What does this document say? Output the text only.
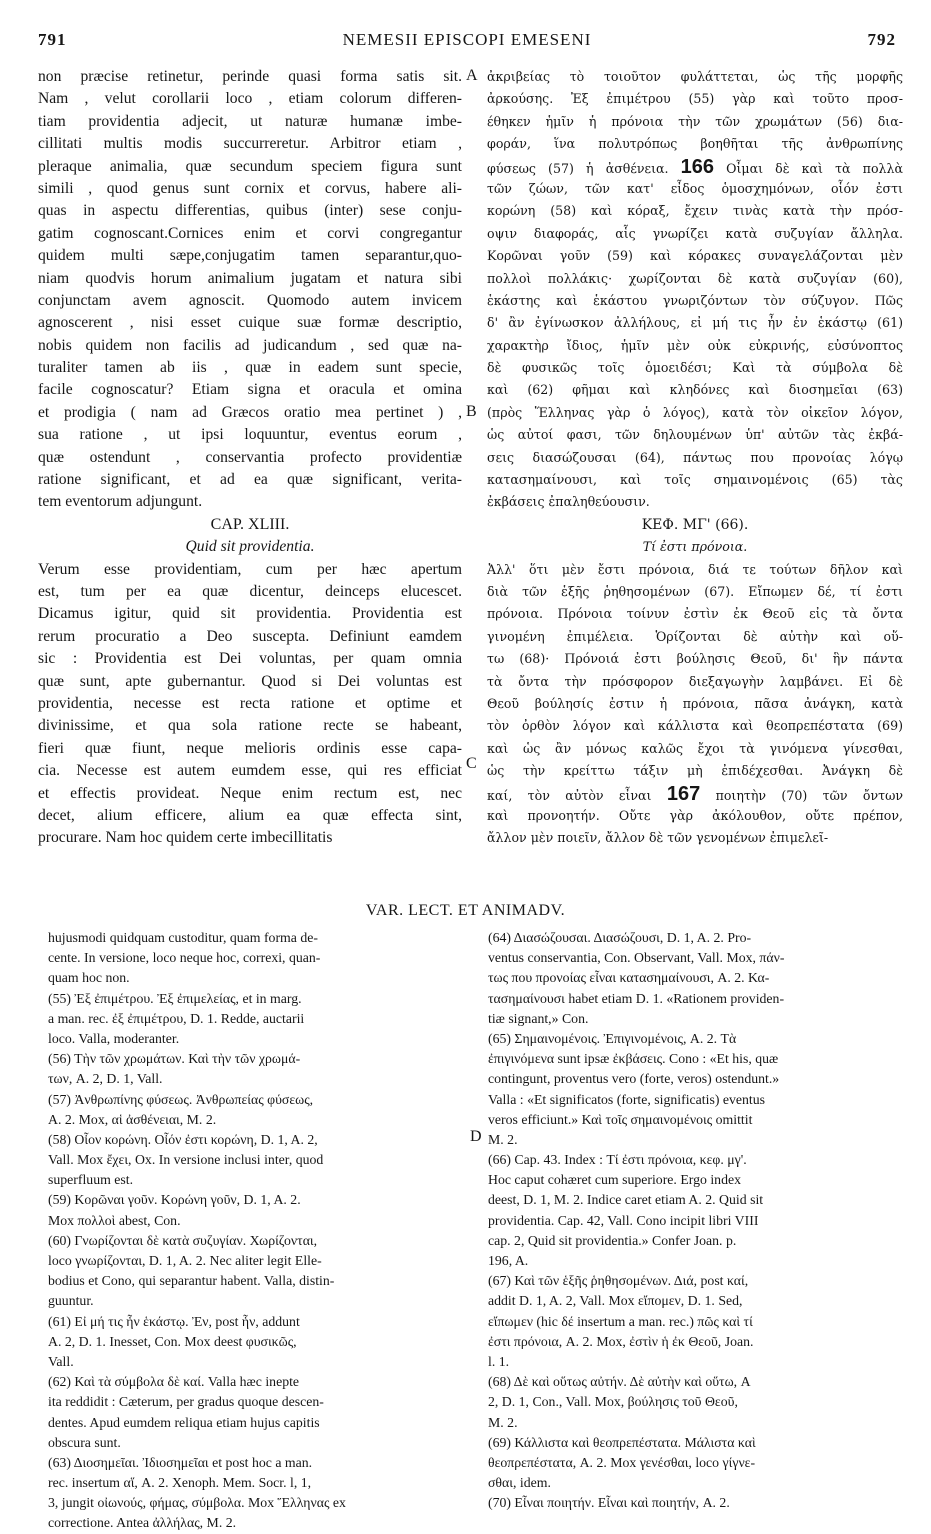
791	NEMESII EPISCOPI EMESENI	792
non præcise retinetur, perinde quasi forma satis sit.
Nam , velut corollarii loco , etiam colorum differen-
tiam providentia adjecit, ut naturæ humanæ imbe-
cillitati multis modis succurreretur. Arbitror etiam ,
pleraque animalia, quæ secundum speciem figura sunt
simili , quod genus sunt cornix et corvus, habere ali-
quas in aspectu differentias, quibus (inter) sese conju-
gatim cognoscant.Cornices enim et corvi congregantur
quidem multi sæpe,conjugatim tamen separantur,quo-
niam quodvis horum animalium jugatam et natura sibi
conjunctam avem agnoscit. Quomodo autem invicem
agnoscerent , nisi esset cuique suæ formæ descriptio,
nobis quidem non facilis ad judicandum , sed quæ na-
turaliter tamen ab iis , quæ in eadem sunt specie,
facile cognoscatur? Etiam signa et oracula et omina
et prodigia ( nam ad Græcos oratio mea pertinet ) ,
sua ratione , ut ipsi loquuntur, eventus eorum ,
quæ ostendunt , conservantia profecto providentiæ
ratione significant, et ad ea quæ significant, verita-
tem eventorum adjungunt.
CAP. XLIII.
Quid sit providentia.
Verum esse providentiam, cum per hæc apertum
est, tum per ea quæ dicentur, deinceps elucescet.
Dicamus igitur, quid sit providentia. Providentia est
rerum procuratio a Deo suscepta. Definiunt eamdem
sic : Providentia est Dei voluntas, per quam omnia
quæ sunt, apte gubernantur. Quod si Dei voluntas est
providentia, necesse est recta ratione et optime et
divinissime, et qua sola ratione recte se habeant,
fieri quæ fiunt, neque melioris ordinis esse capa-
cia. Necesse est autem eumdem esse, qui res efficiat
et effectis provideat. Neque enim rectum est, nec
decet, alium efficere, alium ea quæ effecta sint,
procurare. Nam hoc quidem certe imbecillitatis
ἀκριβείας τὸ τοιοῦτον φυλάττεται, ὡς τῆς μορφῆς
ἀρκούσης. Ἐξ ἐπιμέτρου (55) γὰρ καὶ τοῦτο προσ-
έθηκεν ἡμῖν ἡ πρόνοια τὴν τῶν χρωμάτων (56) δια-
φοράν, ἵνα πολυτρόπως βοηθῆται τῆς ἀνθρωπίνης
φύσεως (57) ἡ ἀσθένεια. 166 Οἶμαι δὲ καὶ τὰ πολλὰ
τῶν ζώων, τῶν κατ' εἶδος ὁμοσχημόνων, οἷόν ἐστι
κορώνη (58) καὶ κόραξ, ἔχειν τινὰς κατὰ τὴν πρόσ-
οψιν διαφοράς, αἷς γνωρίζει κατὰ συζυγίαν ἄλληλα.
Κορῶναι γοῦν (59) καὶ κόρακες συναγελάζονται μὲν
πολλοὶ πολλάκις· χωρίζονται δὲ κατὰ συζυγίαν (60),
ἑκάστης καὶ ἑκάστου γνωριζόντων τὸν σύζυγον. Πῶς
δ' ἂν ἐγίνωσκον ἀλλήλους, εἰ μή τις ἦν ἐν ἑκάστῳ (61)
χαρακτὴρ ἴδιος, ἡμῖν μὲν οὐκ εὐκρινής, εὐσύνοπτος
δὲ φυσικῶς τοῖς ὁμοειδέσι; Καὶ τὰ σύμβολα δὲ
καὶ (62) φῆμαι καὶ κληδόνες καὶ διοσημεῖαι (63)
(πρὸς Ἕλληνας γὰρ ὁ λόγος), κατὰ τὸν οἰκεῖον λόγον,
ὡς αὐτοί φασι, τῶν δηλουμένων ὑπ' αὐτῶν τὰς ἐκβά-
σεις διασώζουσαι (64), πάντως που προνοίας λόγῳ
κατασημαίνουσι, καὶ τοῖς σημαινομένοις (65) τὰς
ἐκβάσεις ἐπαληθεύουσιν.
ΚΕΦ. ΜΓ' (66).
Τί ἐστι πρόνοια.
Ἀλλ' ὅτι μὲν ἔστι πρόνοια, διά τε τούτων δῆλον καὶ
διὰ τῶν ἑξῆς ῥηθησομένων (67). Εἴπωμεν δέ, τί ἐστι
πρόνοια. Πρόνοια τοίνυν ἐστὶν ἐκ Θεοῦ εἰς τὰ ὄντα
γινομένη ἐπιμέλεια. Ὁρίζονται δὲ αὐτὴν καὶ οὕ-
τω (68)· Πρόνοιά ἐστι βούλησις Θεοῦ, δι' ἣν πάντα
τὰ ὄντα τὴν πρόσφορον διεξαγωγὴν λαμβάνει. Εἰ δὲ
Θεοῦ βούλησίς ἐστιν ἡ πρόνοια, πᾶσα ἀνάγκη, κατὰ
τὸν ὀρθὸν λόγον καὶ κάλλιστα καὶ θεοπρεπέστατα (69)
καὶ ὡς ἂν μόνως καλῶς ἔχοι τὰ γινόμενα γίνεσθαι,
ὡς τὴν κρείττω τάξιν μὴ ἐπιδέχεσθαι. Ἀνάγκη δὲ
καί, τὸν αὐτὸν εἶναι 167 ποιητὴν (70) τῶν ὄντων
καὶ προνοητήν. Οὔτε γὰρ ἀκόλουθον, οὔτε πρέπον,
ἄλλον μὲν ποιεῖν, ἄλλον δὲ τῶν γενομένων ἐπιμελεῖ-
A
B
C
D
VAR. LECT. ET ANIMADV.
hujusmodi quidquam custoditur, quam forma de-
cente. In versione, loco neque hoc, correxi, quan-
quam hoc non.
(55) Ἐξ ἐπιμέτρου. Ἐξ ἐπιμελείας, et in marg.
a man. rec. ἐξ ἐπιμέτρου, D. 1. Redde, auctarii
loco. Valla, moderanter.
(56) Τὴν τῶν χρωμάτων. Καὶ τὴν τῶν χρωμά-
των, A. 2, D. 1, Vall.
(57) Ἀνθρωπίνης φύσεως. Ἀνθρωπείας φύσεως,
A. 2. Mox, αἱ ἀσθένειαι, M. 2.
(58) Οἷον κορώνη. Οἷόν ἐστι κορώνη, D. 1, A. 2,
Vall. Mox ἔχει, Ox. In versione inclusi inter, quod
superfluum est.
(59) Κορῶναι γοῦν. Κορώνη γοῦν, D. 1, A. 2.
Mox πολλοὶ abest, Con.
(60) Γνωρίζονται δὲ κατὰ συζυγίαν. Χωρίζονται,
loco γνωρίζονται, D. 1, A. 2. Nec aliter legit Elle-
bodius et Cono, qui separantur habent. Valla, distin-
guuntur.
(61) Εἰ μή τις ἦν ἑκάστῳ. Ἐν, post ἦν, addunt
A. 2, D. 1. Inesset, Con. Mox deest φυσικῶς,
Vall.
(62) Καὶ τὰ σύμβολα δὲ καί. Valla hæc inepte
ita reddidit : Cæterum, per gradus quoque descen-
dentes. Apud eumdem reliqua etiam hujus capitis
obscura sunt.
(63) Διοσημεῖαι. Ἰδιοσημεῖαι et post hoc a man.
rec. insertum αἵ, A. 2. Xenoph. Mem. Socr. l, 1,
3, jungit οἰωνούς, φήμας, σύμβολα. Mox Ἕλληνας ex
correctione. Antea ἀλλήλας, M. 2.
(64) Διασώζουσαι. Διασώζουσι, D. 1, A. 2. Pro-
ventus conservantia, Con. Observant, Vall. Mox, πάν-
τως που προνοίας εἶναι κατασημαίνουσι, A. 2. Κα-
τασημαίνουσι habet etiam D. 1. «Rationem providen-
tiæ signant,» Con.
(65) Σημαινομένοις. Ἐπιγινομένοις, A. 2. Τὰ
ἐπιγινόμενα sunt ipsæ ἐκβάσεις. Cono : «Et his, quæ
contingunt, proventus vero (forte, veros) ostendunt.»
Valla : «Et significatos (forte, significatis) eventus
veros efficiunt.» Καὶ τοῖς σημαινομένοις omittit
M. 2.
(66) Cap. 43. Index : Τί ἐστι πρόνοια, κεφ. μγ'.
Hoc caput cohæret cum superiore. Ergo index
deest, D. 1, M. 2. Indice caret etiam A. 2. Quid sit
providentia. Cap. 42, Vall. Cono incipit libri VIII
cap. 2, Quid sit providentia.» Confer Joan. p.
196, A.
(67) Καὶ τῶν ἑξῆς ῥηθησομένων. Διά, post καί,
addit D. 1, A. 2, Vall. Mox εἴπομεν, D. 1. Sed,
εἴπωμεν (hic δέ insertum a man. rec.) πῶς καὶ τί
ἐστι πρόνοια, A. 2. Mox, ἐστὶν ἡ ἐκ Θεοῦ, Joan.
l. 1.
(68) Δὲ καὶ οὕτως αὐτήν. Δὲ αὐτὴν καὶ οὕτω, A
2, D. 1, Con., Vall. Mox, βούλησις τοῦ Θεοῦ,
M. 2.
(69) Κάλλιστα καὶ θεοπρεπέστατα. Μάλιστα καὶ
θεοπρεπέστατα, A. 2. Mox γενέσθαι, loco γίγνε-
σθαι, idem.
(70) Εἶναι ποιητήν. Εἶναι καὶ ποιητήν, A. 2.
